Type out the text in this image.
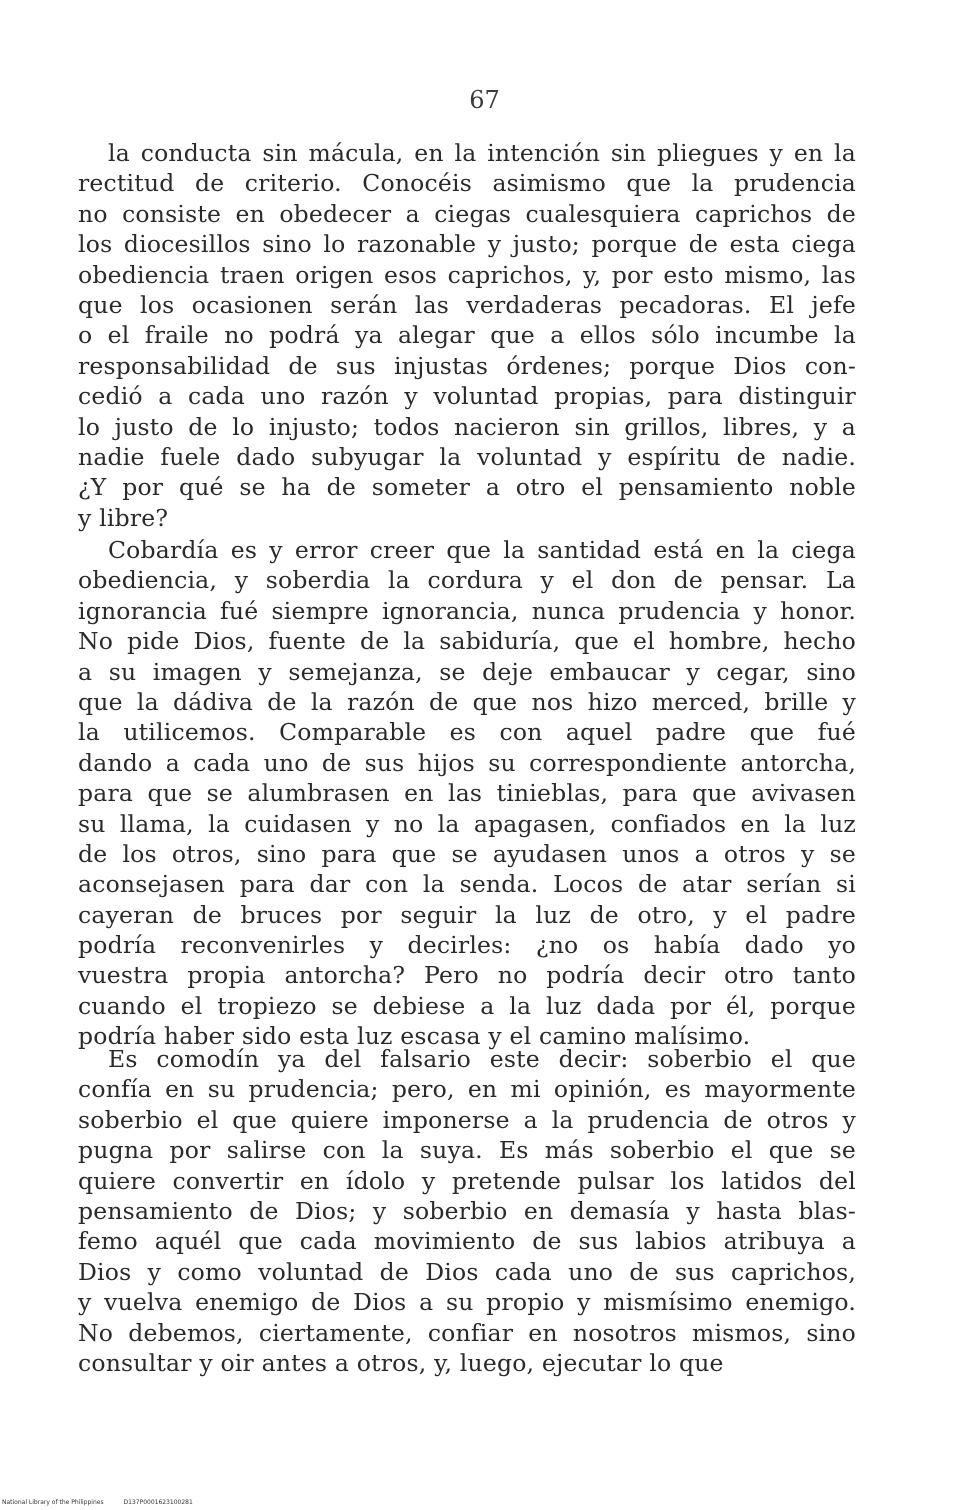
67
la conducta sin mácula, en la intención sin pliegues y en la
rectitud de criterio. Conocéis asimismo que la prudencia
no consiste en obedecer a ciegas cualesquiera caprichos de
los diocesillos sino lo razonable y justo; porque de esta ciega
obediencia traen origen esos caprichos, y, por esto mismo, las
que los ocasionen serán las verdaderas pecadoras. El jefe
o el fraile no podrá ya alegar que a ellos sólo incumbe la
responsabilidad de sus injustas órdenes; porque Dios con-
cedió a cada uno razón y voluntad propias, para distinguir
lo justo de lo injusto; todos nacieron sin grillos, libres, y a
nadie fuele dado subyugar la voluntad y espíritu de nadie.
¿Y por qué se ha de someter a otro el pensamiento noble
y libre?
Cobardía es y error creer que la santidad está en la ciega
obediencia, y soberdia la cordura y el don de pensar. La
ignorancia fué siempre ignorancia, nunca prudencia y honor.
No pide Dios, fuente de la sabiduría, que el hombre, hecho
a su imagen y semejanza, se deje embaucar y cegar, sino
que la dádiva de la razón de que nos hizo merced, brille y
la utilicemos. Comparable es con aquel padre que fué
dando a cada uno de sus hijos su correspondiente antorcha,
para que se alumbrasen en las tinieblas, para que avivasen
su llama, la cuidasen y no la apagasen, confiados en la luz
de los otros, sino para que se ayudasen unos a otros y se
aconsejasen para dar con la senda. Locos de atar serían si
cayeran de bruces por seguir la luz de otro, y el padre
podría reconvenirles y decirles: ¿no os había dado yo
vuestra propia antorcha? Pero no podría decir otro tanto
cuando el tropiezo se debiese a la luz dada por él, porque
podría haber sido esta luz escasa y el camino malísimo.
Es comodín ya del falsario este decir: soberbio el que
confía en su prudencia; pero, en mi opinión, es mayormente
soberbio el que quiere imponerse a la prudencia de otros y
pugna por salirse con la suya. Es más soberbio el que se
quiere convertir en ídolo y pretende pulsar los latidos del
pensamiento de Dios; y soberbio en demasía y hasta blas-
femo aquél que cada movimiento de sus labios atribuya a
Dios y como voluntad de Dios cada uno de sus caprichos,
y vuelva enemigo de Dios a su propio y mismísimo enemigo.
No debemos, ciertamente, confiar en nosotros mismos, sino
consultar y oir antes a otros, y, luego, ejecutar lo que
National Library of the Philippines	D137P0001623100281
